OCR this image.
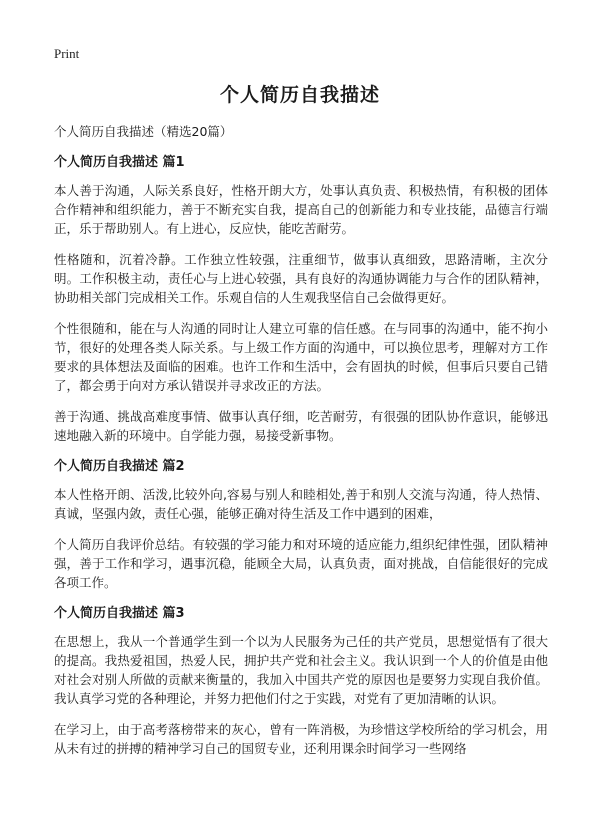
Print
个人简历自我描述

个人简历自我描述（精选20篇）

个人简历自我描述 篇1

本人善于沟通，人际关系良好，性格开朗大方，处事认真负责、积极热情，有积极的团体合作精神和组织能力，善于不断充实自我，提高自己的创新能力和专业技能，品德言行端正，乐于帮助别人。有上进心，反应快，能吃苦耐劳。

性格随和，沉着冷静。工作独立性较强，注重细节，做事认真细致，思路清晰，主次分明。工作积极主动，责任心与上进心较强，具有良好的沟通协调能力与合作的团队精神，协助相关部门完成相关工作。乐观自信的人生观我坚信自己会做得更好。

个性很随和，能在与人沟通的同时让人建立可靠的信任感。在与同事的沟通中，能不拘小节，很好的处理各类人际关系。与上级工作方面的沟通中，可以换位思考，理解对方工作要求的具体想法及面临的困难。也许工作和生活中，会有固执的时候，但事后只要自己错了，都会勇于向对方承认错误并寻求改正的方法。

善于沟通、挑战高难度事情、做事认真仔细，吃苦耐劳，有很强的团队协作意识，能够迅速地融入新的环境中。自学能力强，易接受新事物。

个人简历自我描述 篇2

本人性格开朗、活泼,比较外向,容易与别人和睦相处,善于和别人交流与沟通，待人热情、真诚，坚强内敛，责任心强，能够正确对待生活及工作中遇到的困难，

个人简历自我评价总结。有较强的学习能力和对环境的适应能力,组织纪律性强，团队精神强，善于工作和学习，遇事沉稳，能顾全大局，认真负责，面对挑战，自信能很好的完成各项工作。

个人简历自我描述 篇3

在思想上，我从一个普通学生到一个以为人民服务为己任的共产党员，思想觉悟有了很大的提高。我热爱祖国，热爱人民，拥护共产党和社会主义。我认识到一个人的价值是由他对社会对别人所做的贡献来衡量的，我加入中国共产党的原因也是要努力实现自我价值。我认真学习党的各种理论，并努力把他们付之于实践，对党有了更加清晰的认识。

在学习上，由于高考落榜带来的灰心，曾有一阵消极，为珍惜这学校所给的学习机会，用从未有过的拼搏的精神学习自己的国贸专业，还利用课余时间学习一些网络
